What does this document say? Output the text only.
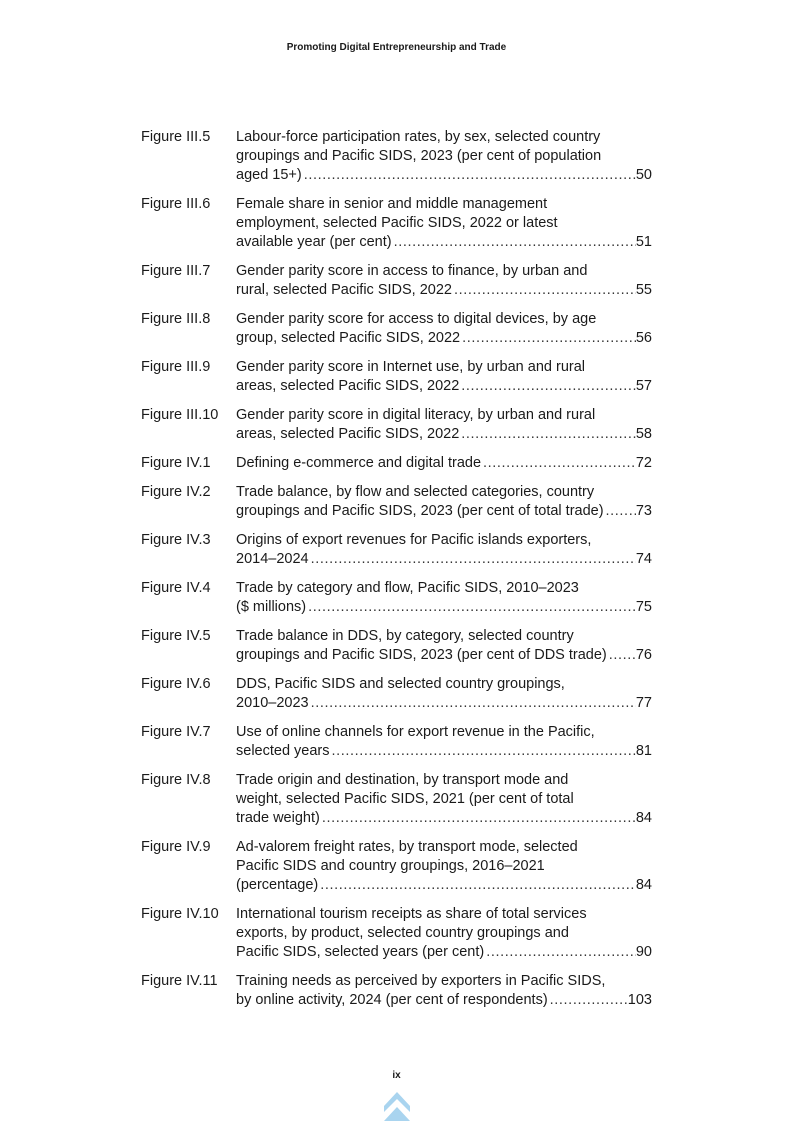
Promoting Digital Entrepreneurship and Trade
Figure III.5	Labour-force participation rates, by sex, selected country
groupings and Pacific SIDS, 2023 (per cent of population
aged 15+) .....	50
Figure III.6	Female share in senior and middle management
employment, selected Pacific SIDS, 2022 or latest
available year (per cent) .....	51
Figure III.7	Gender parity score in access to finance, by urban and
rural, selected Pacific SIDS, 2022 .....	55
Figure III.8	Gender parity score for access to digital devices, by age
group, selected Pacific SIDS, 2022 .....	56
Figure III.9	Gender parity score in Internet use, by urban and rural
areas, selected Pacific SIDS, 2022 .....	57
Figure III.10	Gender parity score in digital literacy, by urban and rural
areas, selected Pacific SIDS, 2022 .....	58
Figure IV.1	Defining e-commerce and digital trade .....	72
Figure IV.2	Trade balance, by flow and selected categories, country
groupings and Pacific SIDS, 2023 (per cent of total trade) ..... 73
Figure IV.3	Origins of export revenues for Pacific islands exporters,
2014–2024 .....	74
Figure IV.4	Trade by category and flow, Pacific SIDS, 2010–2023
($ millions) .....	75
Figure IV.5	Trade balance in DDS, by category, selected country
groupings and Pacific SIDS, 2023 (per cent of DDS trade) ..... 76
Figure IV.6	DDS, Pacific SIDS and selected country groupings,
2010–2023 .....	77
Figure IV.7	Use of online channels for export revenue in the Pacific,
selected years .....	81
Figure IV.8	Trade origin and destination, by transport mode and
weight, selected Pacific SIDS, 2021 (per cent of total
trade weight) .....	84
Figure IV.9	Ad-valorem freight rates, by transport mode, selected
Pacific SIDS and country groupings, 2016–2021
(percentage) .....	84
Figure IV.10	International tourism receipts as share of total services
exports, by product, selected country groupings and
Pacific SIDS, selected years (per cent) .....	90
Figure IV.11	Training needs as perceived by exporters in Pacific SIDS,
by online activity, 2024 (per cent of respondents) .....	103
ix
